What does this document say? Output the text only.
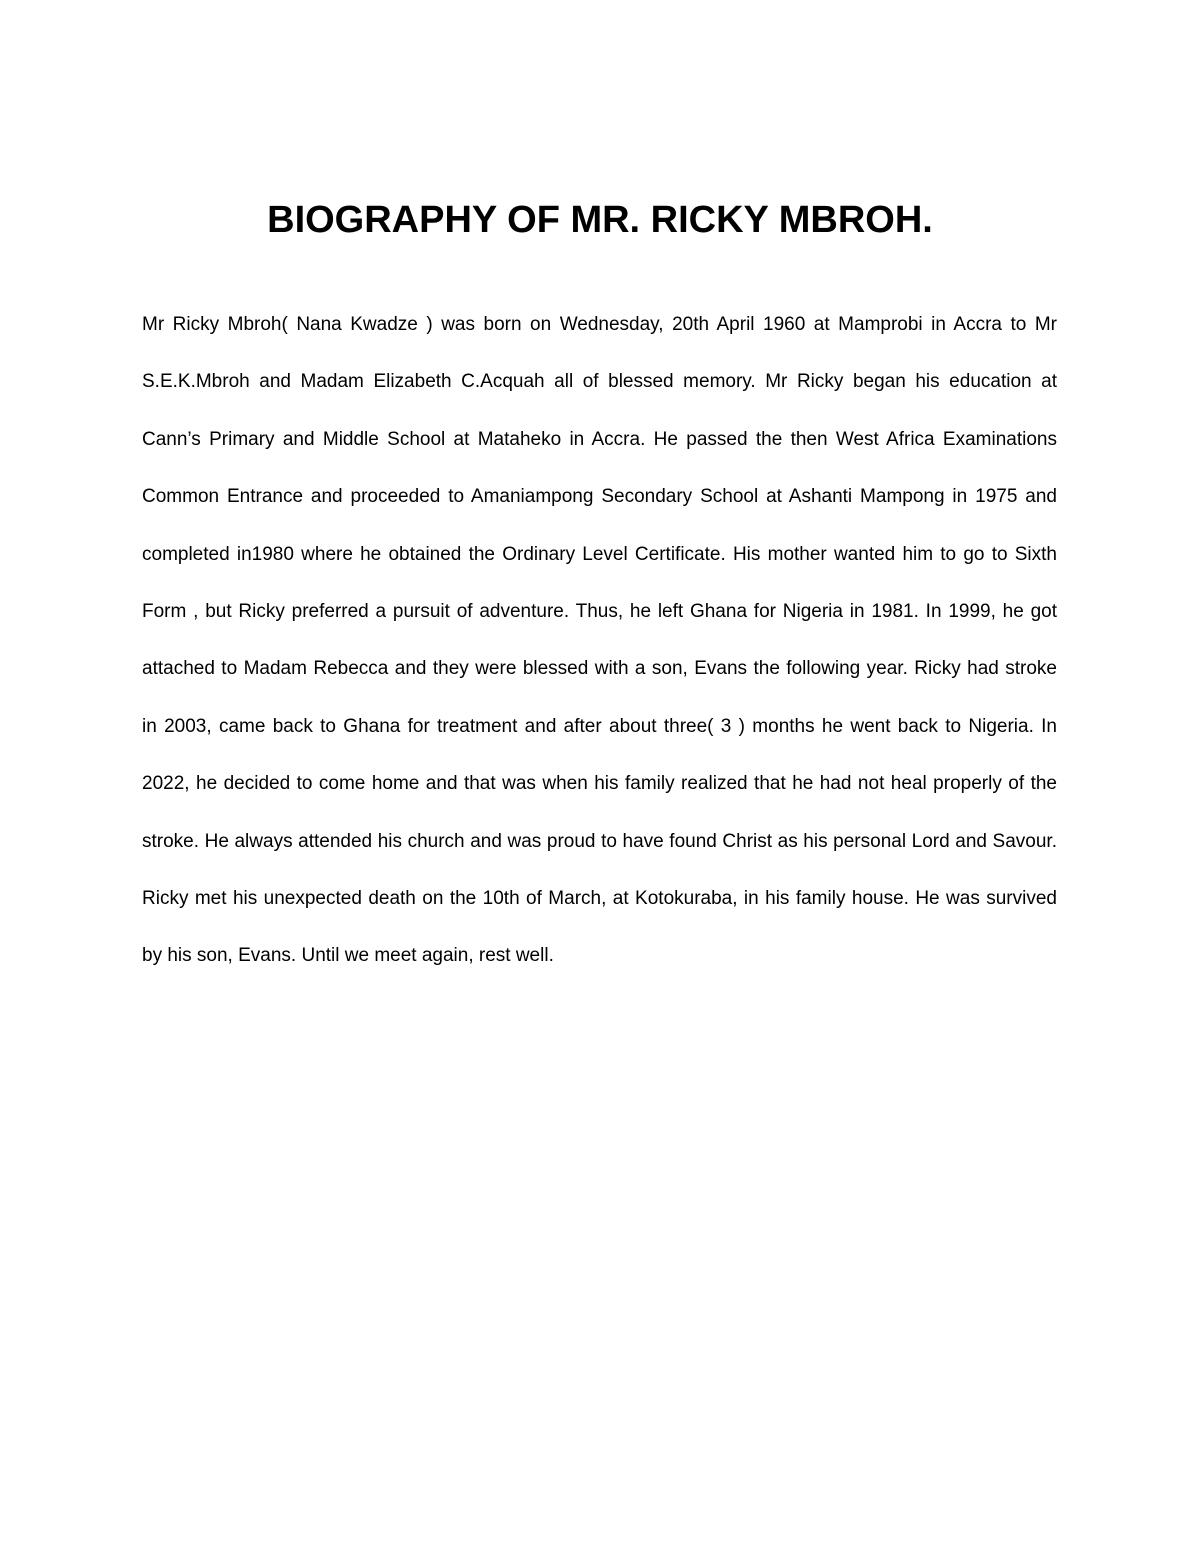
BIOGRAPHY OF MR. RICKY MBROH.

Mr Ricky Mbroh( Nana Kwadze ) was born on Wednesday, 20th April 1960 at Mamprobi in Accra to Mr S.E.K.Mbroh and Madam Elizabeth C.Acquah all of blessed memory. Mr Ricky began his education at Cann’s Primary and Middle School at Mataheko in Accra. He passed the then West Africa Examinations Common Entrance and proceeded to Amaniampong Secondary School at Ashanti Mampong in 1975 and completed in1980 where he obtained the Ordinary Level Certificate. His mother wanted him to go to Sixth Form , but Ricky preferred a pursuit of adventure. Thus, he left Ghana for Nigeria in 1981. In 1999, he got attached to Madam Rebecca and they were blessed with a son, Evans the following year. Ricky had stroke in 2003, came back to Ghana for treatment and after about three( 3 ) months he went back to Nigeria. In 2022, he decided to come home and that was when his family realized that he had not heal properly of the stroke. He always attended his church and was proud to have found Christ as his personal Lord and Savour. Ricky met his unexpected death on the 10th of March, at Kotokuraba, in his family house. He was survived by his son, Evans. Until we meet again, rest well.
